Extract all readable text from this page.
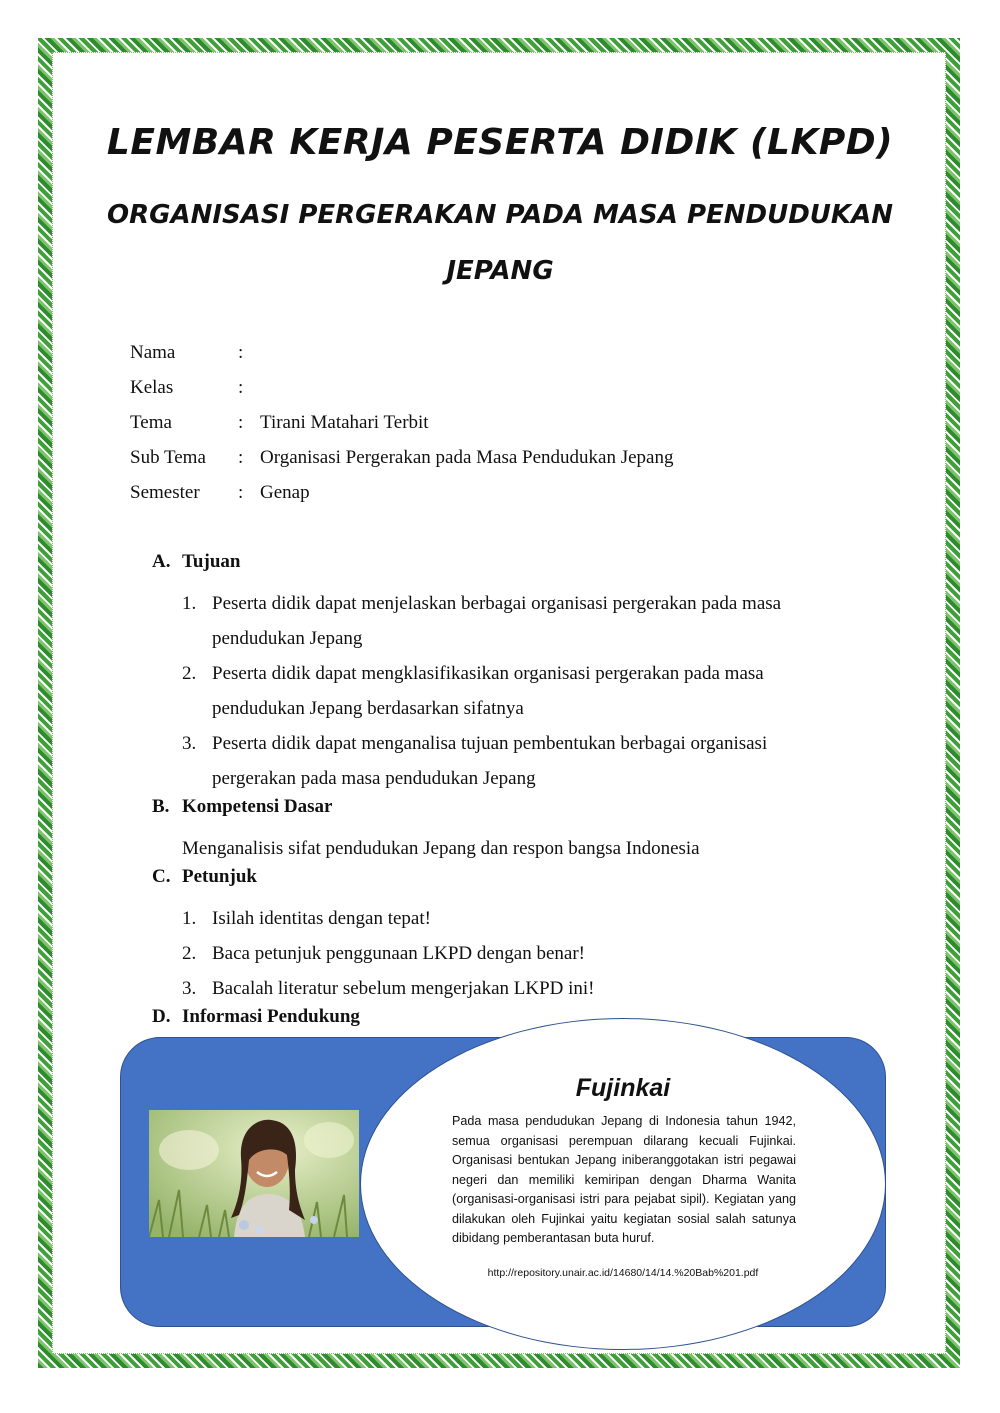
LEMBAR KERJA PESERTA DIDIK (LKPD)
ORGANISASI PERGERAKAN PADA MASA PENDUDUKAN
JEPANG
Nama	:
Kelas	:
Tema	: Tirani Matahari Terbit
Sub Tema	: Organisasi Pergerakan pada Masa Pendudukan Jepang
Semester	: Genap
A. Tujuan
1. Peserta didik dapat menjelaskan berbagai organisasi pergerakan pada masa pendudukan Jepang
2. Peserta didik dapat mengklasifikasikan organisasi pergerakan pada masa pendudukan Jepang berdasarkan sifatnya
3. Peserta didik dapat menganalisa tujuan pembentukan berbagai organisasi pergerakan pada masa pendudukan Jepang
B. Kompetensi Dasar
Menganalisis sifat pendudukan Jepang dan respon bangsa Indonesia
C. Petunjuk
1. Isilah identitas dengan tepat!
2. Baca petunjuk penggunaan LKPD dengan benar!
3. Bacalah literatur sebelum mengerjakan LKPD ini!
D. Informasi Pendukung
Fujinkai
Pada masa pendudukan Jepang di Indonesia tahun 1942, semua organisasi perempuan dilarang kecuali Fujinkai. Organisasi bentukan Jepang iniberanggotakan istri pegawai negeri dan memiliki kemiripan dengan Dharma Wanita (organisasi-organisasi istri para pejabat sipil). Kegiatan yang dilakukan oleh Fujinkai yaitu kegiatan sosial salah satunya dibidang pemberantasan buta huruf.
http://repository.unair.ac.id/14680/14/14.%20Bab%201.pdf
